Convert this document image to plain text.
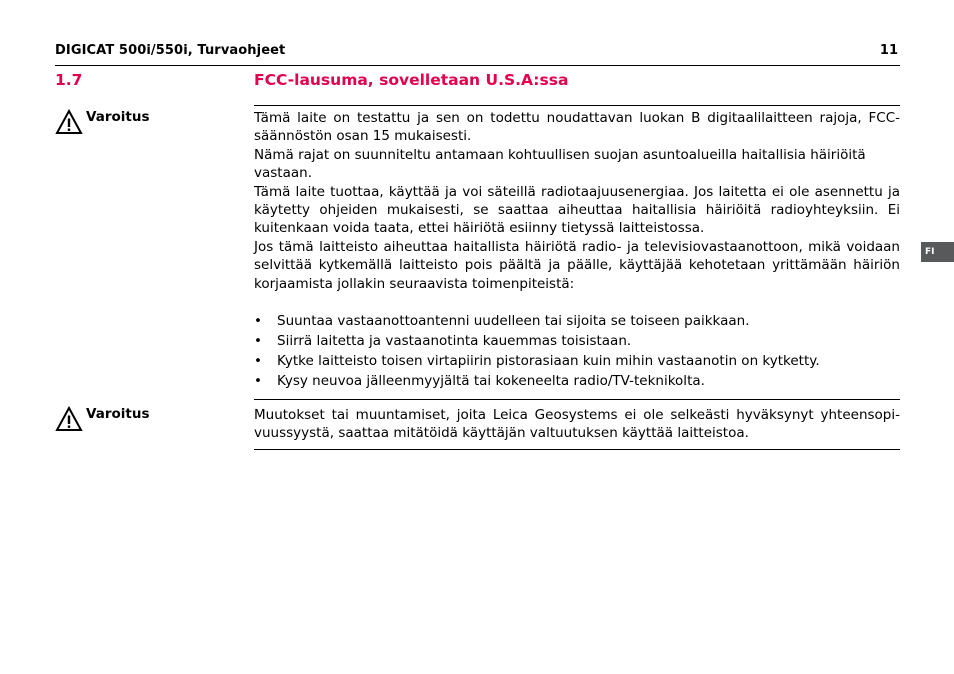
DIGICAT 500i/550i, Turvaohjeet	11
1.7	FCC-lausuma, sovelletaan U.S.A:ssa
Varoitus	Tämä laite on testattu ja sen on todettu noudattavan luokan B digitaalilaitteen rajoja, FCC-säännöstön osan 15 mukaisesti.

Nämä rajat on suunniteltu antamaan kohtuullisen suojan asuntoalueilla haitallisia häiriöitä vastaan.

Tämä laite tuottaa, käyttää ja voi säteillä radiotaajuusenergiaa. Jos laitetta ei ole asennettu ja käytetty ohjeiden mukaisesti, se saattaa aiheuttaa haitallisia häiriöitä radioyhteyksiin. Ei kuitenkaan voida taata, ettei häiriötä esiinny tietyssä laitteistossa.

Jos tämä laitteisto aiheuttaa haitallista häiriötä radio- ja televisiovastaanottoon, mikä voidaan selvittää kytkemällä laitteisto pois päältä ja päälle, käyttäjää kehotetaan yrittämään häiriön korjaamista jollakin seuraavista toimenpiteistä:

• Suuntaa vastaanottoantenni uudelleen tai sijoita se toiseen paikkaan.
• Siirrä laitetta ja vastaanotinta kauemmas toisistaan.
• Kytke laitteisto toisen virtapiirin pistorasiaan kuin mihin vastaanotin on kytketty.
• Kysy neuvoa jälleenmyyjältä tai kokeneelta radio/TV-teknikolta.
Varoitus	Muutokset tai muuntamiset, joita Leica Geosystems ei ole selkeästi hyväksynyt yhteensopi-vuussyystä, saattaa mitätöidä käyttäjän valtuutuksen käyttää laitteistoa.

FI
